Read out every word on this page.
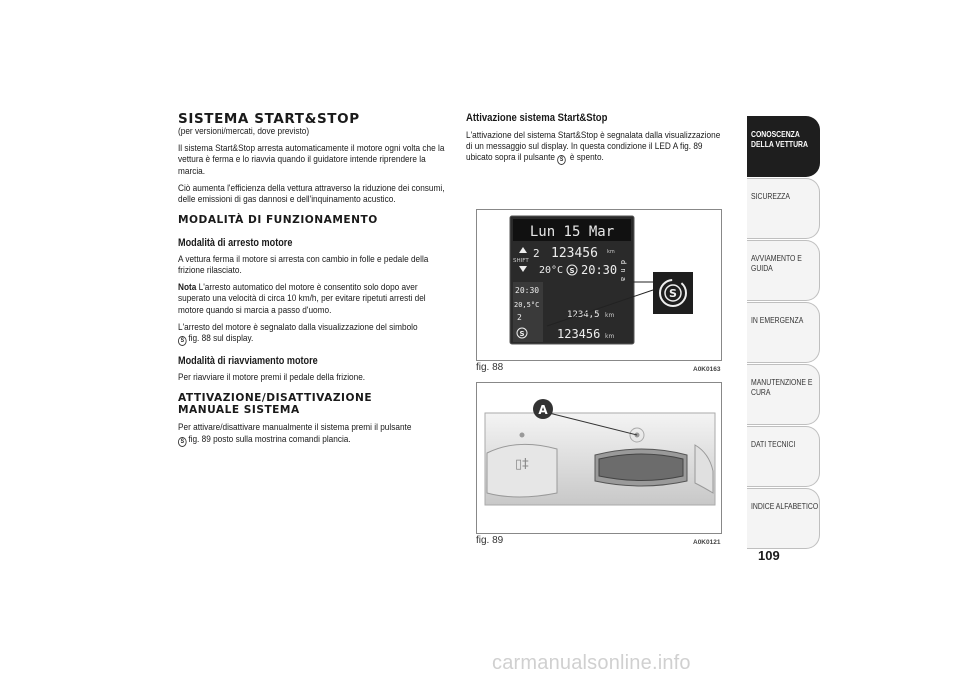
SISTEMA START&STOP

(per versioni/mercati, dove previsto)

Il sistema Start&Stop arresta automaticamente il motore ogni volta che la vettura è ferma e lo riavvia quando il guidatore intende riprendere la marcia.

Ciò aumenta l'efficienza della vettura attraverso la riduzione dei consumi, delle emissioni di gas dannosi e dell'inquinamento acustico.

MODALITÀ DI FUNZIONAMENTO
Modalità di arresto motore

A vettura ferma il motore si arresta con cambio in folle e pedale della frizione rilasciato.

Nota L'arresto automatico del motore è consentito solo dopo aver superato una velocità di circa 10 km/h, per evitare ripetuti arresti del motore quando si marcia a passo d'uomo.

L'arresto del motore è segnalato dalla visualizzazione del simbolo
S fig. 88 sul display.

Modalità di riavviamento motore

Per riavviare il motore premi il pedale della frizione.

ATTIVAZIONE/DISATTIVAZIONE MANUALE SISTEMA

Per attivare/disattivare manualmente il sistema premi il pulsante
S fig. 89 posto sulla mostrina comandi plancia.

Attivazione sistema Start&Stop

L'attivazione del sistema Start&Stop è segnalata dalla visualizzazione di un messaggio sul display. In questa condizione il LED A fig. 89 ubicato sopra il pulsante S è spento.

Lun 15 Mar
SHIFT
2 123456 km
20°C S 20:30 d n a
20:30
20,5°C
2
S
1234,5 km
123456 km
S
fig. 88	A0K0163
▯‡
A
fig. 89	A0K0121
CONOSCENZA DELLA VETTURA
SICUREZZA
AVVIAMENTO E GUIDA
IN EMERGENZA
MANUTENZIONE E CURA
DATI TECNICI
INDICE ALFABETICO
109
carmanualsonline.info
